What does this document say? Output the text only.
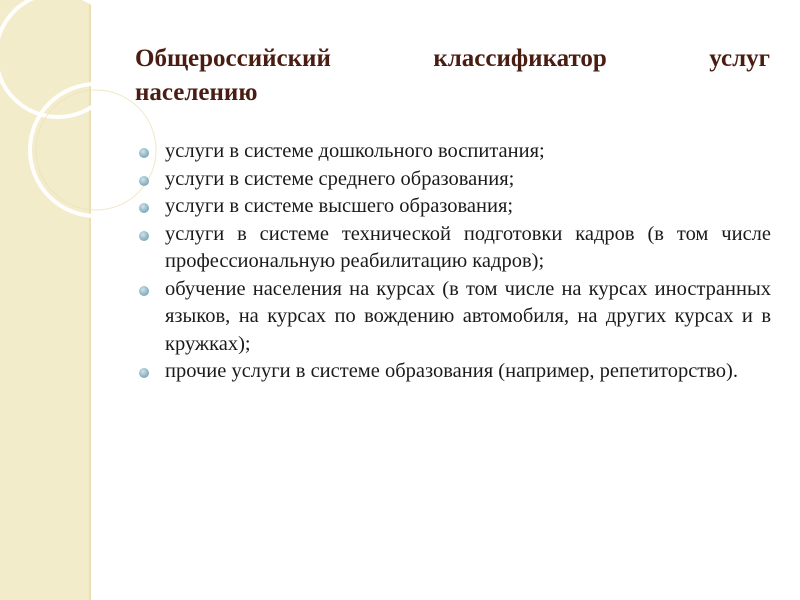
Общероссийский	классификатор	услуг
населению
услуги в системе дошкольного воспитания;
услуги в системе среднего образования;
услуги в системе высшего образования;
услуги в системе технической подготовки кадров (в том числе профессиональную реабилитацию кадров);
обучение населения на курсах (в том числе на курсах иностранных языков, на курсах по вождению автомобиля, на других курсах и в кружках);
прочие услуги в системе образования (например, репетиторство).
